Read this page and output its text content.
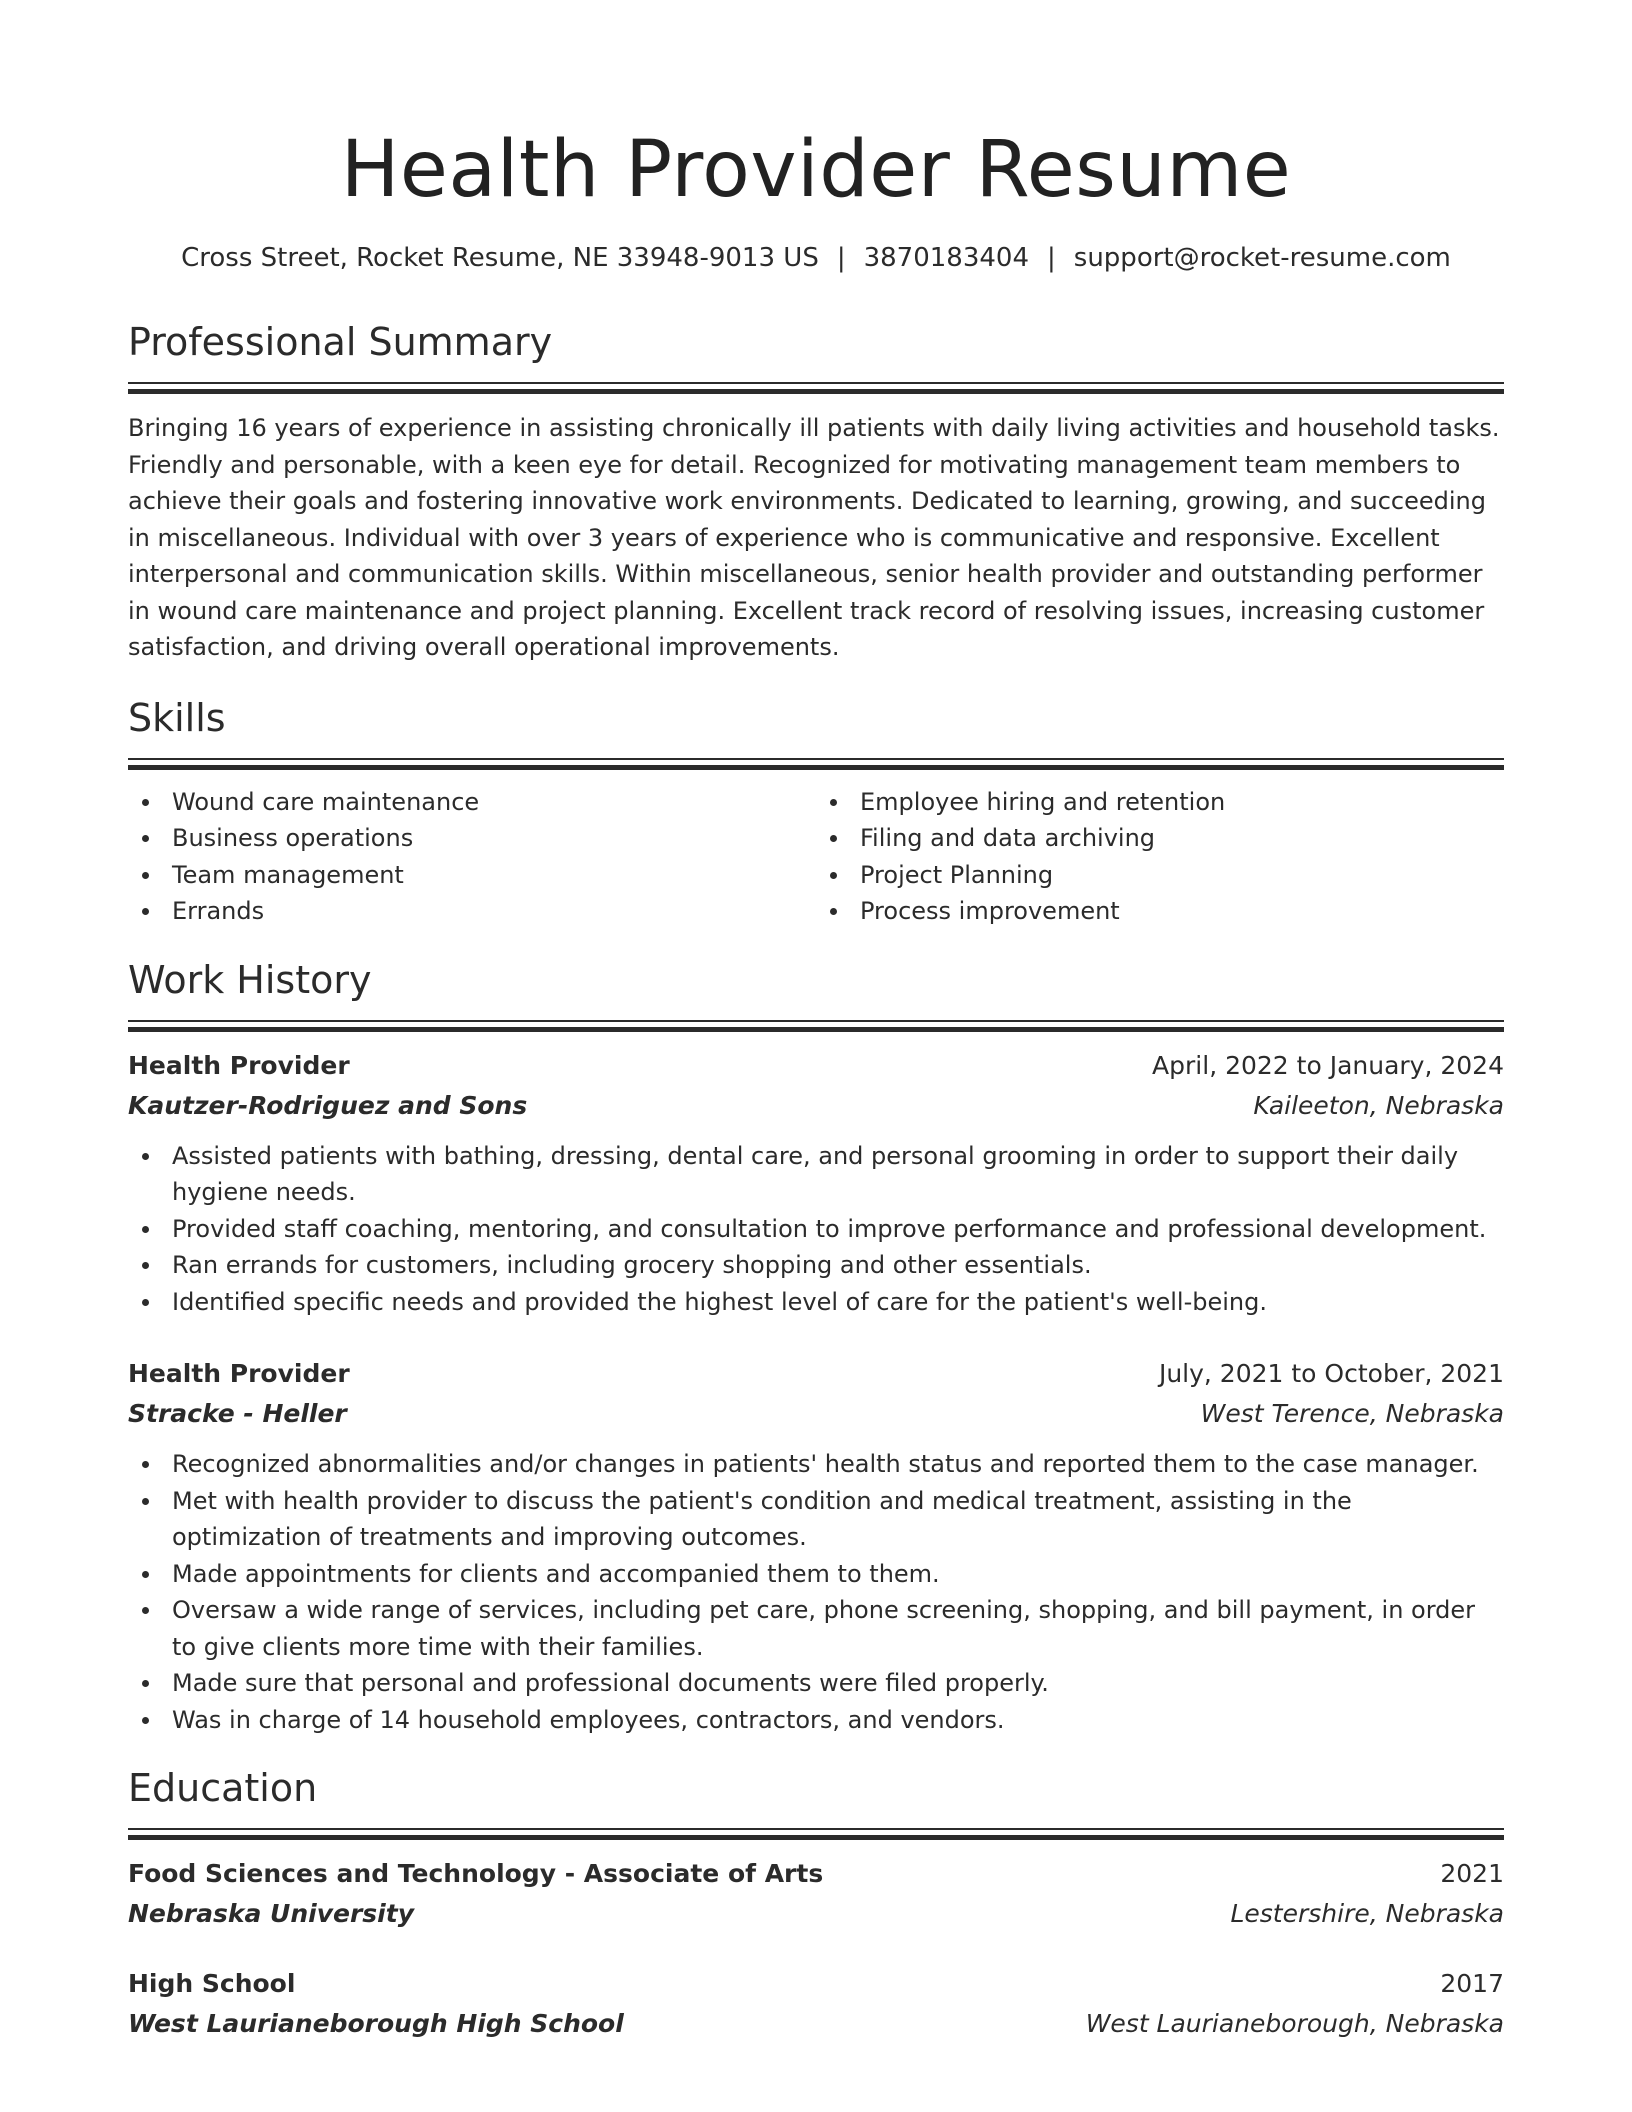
Health Provider Resume
Cross Street, Rocket Resume, NE 33948-9013 US | 3870183404 | support@rocket-resume.com
Professional Summary
Bringing 16 years of experience in assisting chronically ill patients with daily living activities and household tasks. Friendly and personable, with a keen eye for detail. Recognized for motivating management team members to achieve their goals and fostering innovative work environments. Dedicated to learning, growing, and succeeding in miscellaneous. Individual with over 3 years of experience who is communicative and responsive. Excellent interpersonal and communication skills. Within miscellaneous, senior health provider and outstanding performer in wound care maintenance and project planning. Excellent track record of resolving issues, increasing customer satisfaction, and driving overall operational improvements.
Skills
Wound care maintenance
Business operations
Team management
Errands
Employee hiring and retention
Filing and data archiving
Project Planning
Process improvement
Work History
Health Provider	April, 2022 to January, 2024
Kautzer-Rodriguez and Sons	Kaileeton, Nebraska
Assisted patients with bathing, dressing, dental care, and personal grooming in order to support their daily hygiene needs.
Provided staff coaching, mentoring, and consultation to improve performance and professional development.
Ran errands for customers, including grocery shopping and other essentials.
Identified specific needs and provided the highest level of care for the patient's well-being.
Health Provider	July, 2021 to October, 2021
Stracke - Heller	West Terence, Nebraska
Recognized abnormalities and/or changes in patients' health status and reported them to the case manager.
Met with health provider to discuss the patient's condition and medical treatment, assisting in the optimization of treatments and improving outcomes.
Made appointments for clients and accompanied them to them.
Oversaw a wide range of services, including pet care, phone screening, shopping, and bill payment, in order to give clients more time with their families.
Made sure that personal and professional documents were filed properly.
Was in charge of 14 household employees, contractors, and vendors.
Education
Food Sciences and Technology - Associate of Arts	2021
Nebraska University	Lestershire, Nebraska
High School	2017
West Laurianeborough High School	West Laurianeborough, Nebraska
